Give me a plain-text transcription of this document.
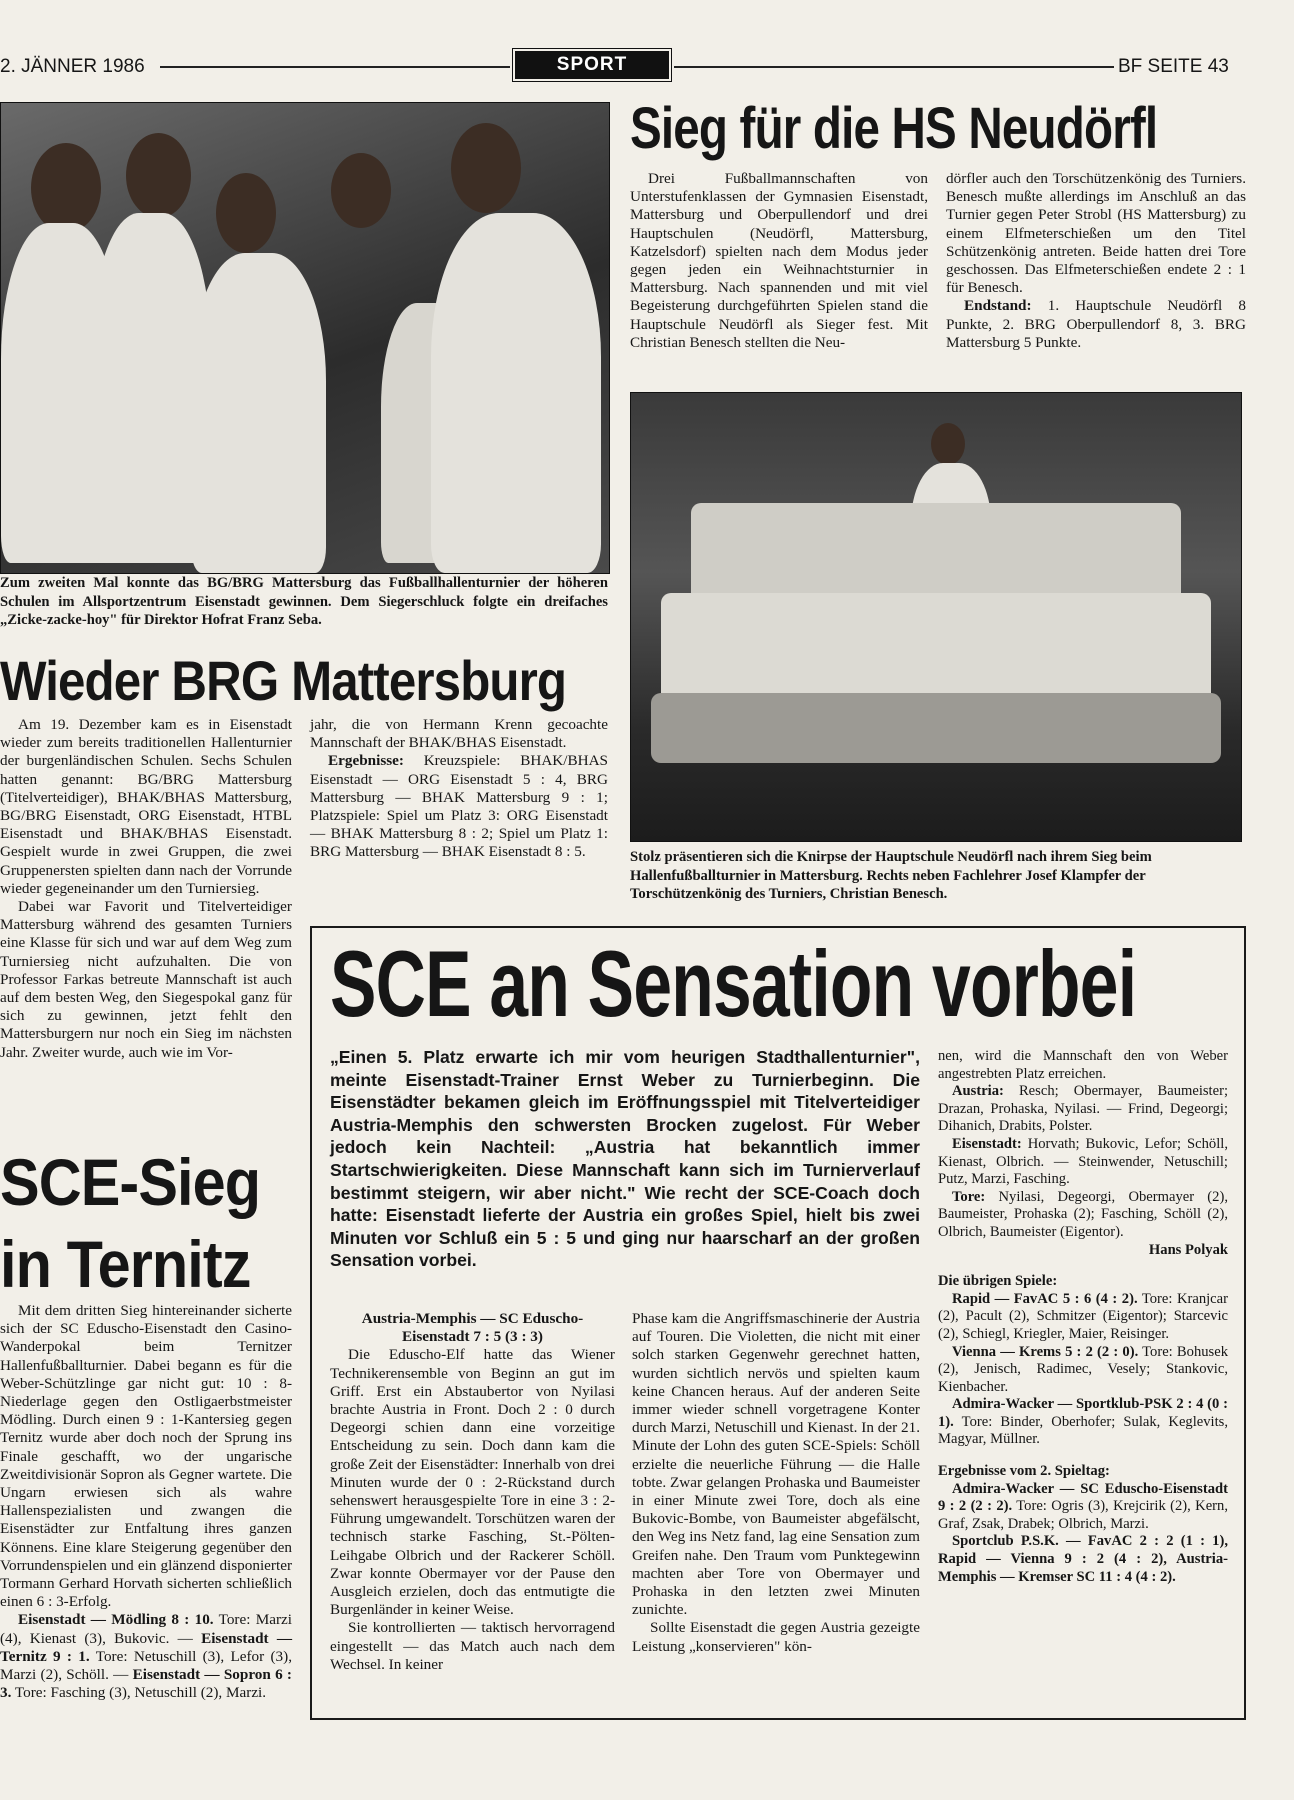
2. JÄNNER 1986	SPORT	BF SEITE 43
Zum zweiten Mal konnte das BG/BRG Mattersburg das Fußballhallenturnier der höheren Schulen im Allsportzentrum Eisenstadt gewinnen. Dem Siegerschluck folgte ein dreifaches „Zicke-zacke-hoy" für Direktor Hofrat Franz Seba.
Wieder BRG Mattersburg

Am 19. Dezember kam es in Eisenstadt wieder zum bereits traditionellen Hallenturnier der burgenländischen Schulen. Sechs Schulen hatten genannt: BG/BRG Mattersburg (Titelverteidiger), BHAK/BHAS Mattersburg, BG/BRG Eisenstadt, ORG Eisenstadt, HTBL Eisenstadt und BHAK/BHAS Eisenstadt. Gespielt wurde in zwei Gruppen, die zwei Gruppenersten spielten dann nach der Vorrunde wieder gegeneinander um den Turniersieg.

Dabei war Favorit und Titelverteidiger Mattersburg während des gesamten Turniers eine Klasse für sich und war auf dem Weg zum Turniersieg nicht aufzuhalten. Die von Professor Farkas betreute Mannschaft ist auch auf dem besten Weg, den Siegespokal ganz für sich zu gewinnen, jetzt fehlt den Mattersburgern nur noch ein Sieg im nächsten Jahr. Zweiter wurde, auch wie im Vor-

jahr, die von Hermann Krenn gecoachte Mannschaft der BHAK/BHAS Eisenstadt.

Ergebnisse: Kreuzspiele: BHAK/BHAS Eisenstadt — ORG Eisenstadt 5 : 4, BRG Mattersburg — BHAK Mattersburg 9 : 1; Platzspiele: Spiel um Platz 3: ORG Eisenstadt — BHAK Mattersburg 8 : 2; Spiel um Platz 1: BRG Mattersburg — BHAK Eisenstadt 8 : 5.

SCE-Sieg
in Ternitz

Mit dem dritten Sieg hintereinander sicherte sich der SC Eduscho-Eisenstadt den Casino-Wanderpokal beim Ternitzer Hallenfußballturnier. Dabei begann es für die Weber-Schützlinge gar nicht gut: 10 : 8-Niederlage gegen den Ostligaerbstmeister Mödling. Durch einen 9 : 1-Kantersieg gegen Ternitz wurde aber doch noch der Sprung ins Finale geschafft, wo der ungarische Zweitdivisionär Sopron als Gegner wartete. Die Ungarn erwiesen sich als wahre Hallenspezialisten und zwangen die Eisenstädter zur Entfaltung ihres ganzen Könnens. Eine klare Steigerung gegenüber den Vorrundenspielen und ein glänzend disponierter Tormann Gerhard Horvath sicherten schließlich einen 6 : 3-Erfolg.

Eisenstadt — Mödling 8 : 10. Tore: Marzi (4), Kienast (3), Bukovic. — Eisenstadt — Ternitz 9 : 1. Tore: Netuschill (3), Lefor (3), Marzi (2), Schöll. — Eisenstadt — Sopron 6 : 3. Tore: Fasching (3), Netuschill (2), Marzi.

Sieg für die HS Neudörfl

Drei Fußballmannschaften von Unterstufenklassen der Gymnasien Eisenstadt, Mattersburg und Oberpullendorf und drei Hauptschulen (Neudörfl, Mattersburg, Katzelsdorf) spielten nach dem Modus jeder gegen jeden ein Weihnachtsturnier in Mattersburg. Nach spannenden und mit viel Begeisterung durchgeführten Spielen stand die Hauptschule Neudörfl als Sieger fest. Mit Christian Benesch stellten die Neu-

dörfler auch den Torschützenkönig des Turniers. Benesch mußte allerdings im Anschluß an das Turnier gegen Peter Strobl (HS Mattersburg) zu einem Elfmeterschießen um den Titel Schützenkönig antreten. Beide hatten drei Tore geschossen. Das Elfmeterschießen endete 2 : 1 für Benesch.

Endstand: 1. Hauptschule Neudörfl 8 Punkte, 2. BRG Oberpullendorf 8, 3. BRG Mattersburg 5 Punkte.

Stolz präsentieren sich die Knirpse der Hauptschule Neudörfl nach ihrem Sieg beim Hallenfußballturnier in Mattersburg. Rechts neben Fachlehrer Josef Klampfer der Torschützenkönig des Turniers, Christian Benesch.
SCE an Sensation vorbei
„Einen 5. Platz erwarte ich mir vom heurigen Stadthallenturnier", meinte Eisenstadt-Trainer Ernst Weber zu Turnierbeginn. Die Eisenstädter bekamen gleich im Eröffnungsspiel mit Titelverteidiger Austria-Memphis den schwersten Brocken zugelost. Für Weber jedoch kein Nachteil: „Austria hat bekanntlich immer Startschwierigkeiten. Diese Mannschaft kann sich im Turnierverlauf bestimmt steigern, wir aber nicht." Wie recht der SCE-Coach doch hatte: Eisenstadt lieferte der Austria ein großes Spiel, hielt bis zwei Minuten vor Schluß ein 5 : 5 und ging nur haarscharf an der großen Sensation vorbei.
Austria-Memphis — SC Eduscho-Eisenstadt 7 : 5 (3 : 3)

Die Eduscho-Elf hatte das Wiener Technikerensemble von Beginn an gut im Griff. Erst ein Abstaubertor von Nyilasi brachte Austria in Front. Doch 2 : 0 durch Degeorgi schien dann eine vorzeitige Entscheidung zu sein. Doch dann kam die große Zeit der Eisenstädter: Innerhalb von drei Minuten wurde der 0 : 2-Rückstand durch sehenswert herausgespielte Tore in eine 3 : 2-Führung umgewandelt. Torschützen waren der technisch starke Fasching, St.-Pölten-Leihgabe Olbrich und der Rackerer Schöll. Zwar konnte Obermayer vor der Pause den Ausgleich erzielen, doch das entmutigte die Burgenländer in keiner Weise.

Sie kontrollierten — taktisch hervorragend eingestellt — das Match auch nach dem Wechsel. In keiner

Phase kam die Angriffsmaschinerie der Austria auf Touren. Die Violetten, die nicht mit einer solch starken Gegenwehr gerechnet hatten, wurden sichtlich nervös und spielten kaum keine Chancen heraus. Auf der anderen Seite immer wieder schnell vorgetragene Konter durch Marzi, Netuschill und Kienast. In der 21. Minute der Lohn des guten SCE-Spiels: Schöll erzielte die neuerliche Führung — die Halle tobte. Zwar gelangen Prohaska und Baumeister in einer Minute zwei Tore, doch als eine Bukovic-Bombe, von Baumeister abgefälscht, den Weg ins Netz fand, lag eine Sensation zum Greifen nahe. Den Traum vom Punktegewinn machten aber Tore von Obermayer und Prohaska in den letzten zwei Minuten zunichte.

Sollte Eisenstadt die gegen Austria gezeigte Leistung „konservieren" kön-

nen, wird die Mannschaft den von Weber angestrebten Platz erreichen.

Austria: Resch; Obermayer, Baumeister; Drazan, Prohaska, Nyilasi. — Frind, Degeorgi; Dihanich, Drabits, Polster.

Eisenstadt: Horvath; Bukovic, Lefor; Schöll, Kienast, Olbrich. — Steinwender, Netuschill; Putz, Marzi, Fasching.

Tore: Nyilasi, Degeorgi, Obermayer (2), Baumeister, Prohaska (2); Fasching, Schöll (2), Olbrich, Baumeister (Eigentor).

Hans Polyak

Die übrigen Spiele:

Rapid — FavAC 5 : 6 (4 : 2). Tore: Kranjcar (2), Pacult (2), Schmitzer (Eigentor); Starcevic (2), Schiegl, Kriegler, Maier, Reisinger.

Vienna — Krems 5 : 2 (2 : 0). Tore: Bohusek (2), Jenisch, Radimec, Vesely; Stankovic, Kienbacher.

Admira-Wacker — Sportklub-PSK 2 : 4 (0 : 1). Tore: Binder, Oberhofer; Sulak, Keglevits, Magyar, Müllner.

Ergebnisse vom 2. Spieltag:

Admira-Wacker — SC Eduscho-Eisenstadt 9 : 2 (2 : 2). Tore: Ogris (3), Krejcirik (2), Kern, Graf, Zsak, Drabek; Olbrich, Marzi.

Sportclub P.S.K. — FavAC 2 : 2 (1 : 1), Rapid — Vienna 9 : 2 (4 : 2), Austria-Memphis — Kremser SC 11 : 4 (4 : 2).
